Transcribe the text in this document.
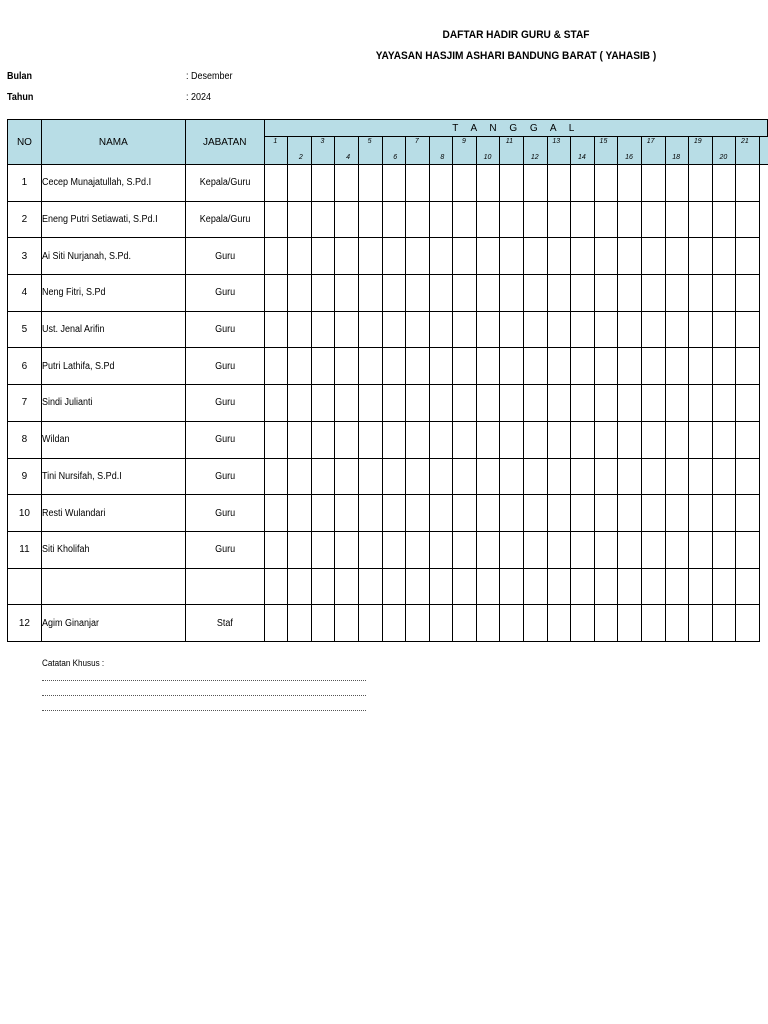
DAFTAR HADIR GURU & STAF
YAYASAN HASJIM ASHARI BANDUNG BARAT ( YAHASIB )
Bulan	: Desember
Tahun	: 2024
NO	NAMA	JABATAN	T A N G G A L																					

			1	2	3	4	5	6	7	8	9	10	11	12	13	14	15	16	17	18	19	20	21	

1	Cecep Munajatullah, S.Pd.I	Kepala/Guru																						
2	Eneng Putri Setiawati, S.Pd.I	Kepala/Guru																						
3	Ai Siti Nurjanah, S.Pd.	Guru																						
4	Neng Fitri, S.Pd	Guru																						
5	Ust. Jenal Arifin	Guru																						
6	Putri Lathifa, S.Pd	Guru																						
7	Sindi Julianti	Guru																						
8	Wildan	Guru																						
9	Tini Nursifah, S.Pd.I	Guru																						
10	Resti Wulandari	Guru																						
11	Siti Kholifah	Guru																						

12	Agim Ginanjar	Staf																						
Catatan Khusus :
